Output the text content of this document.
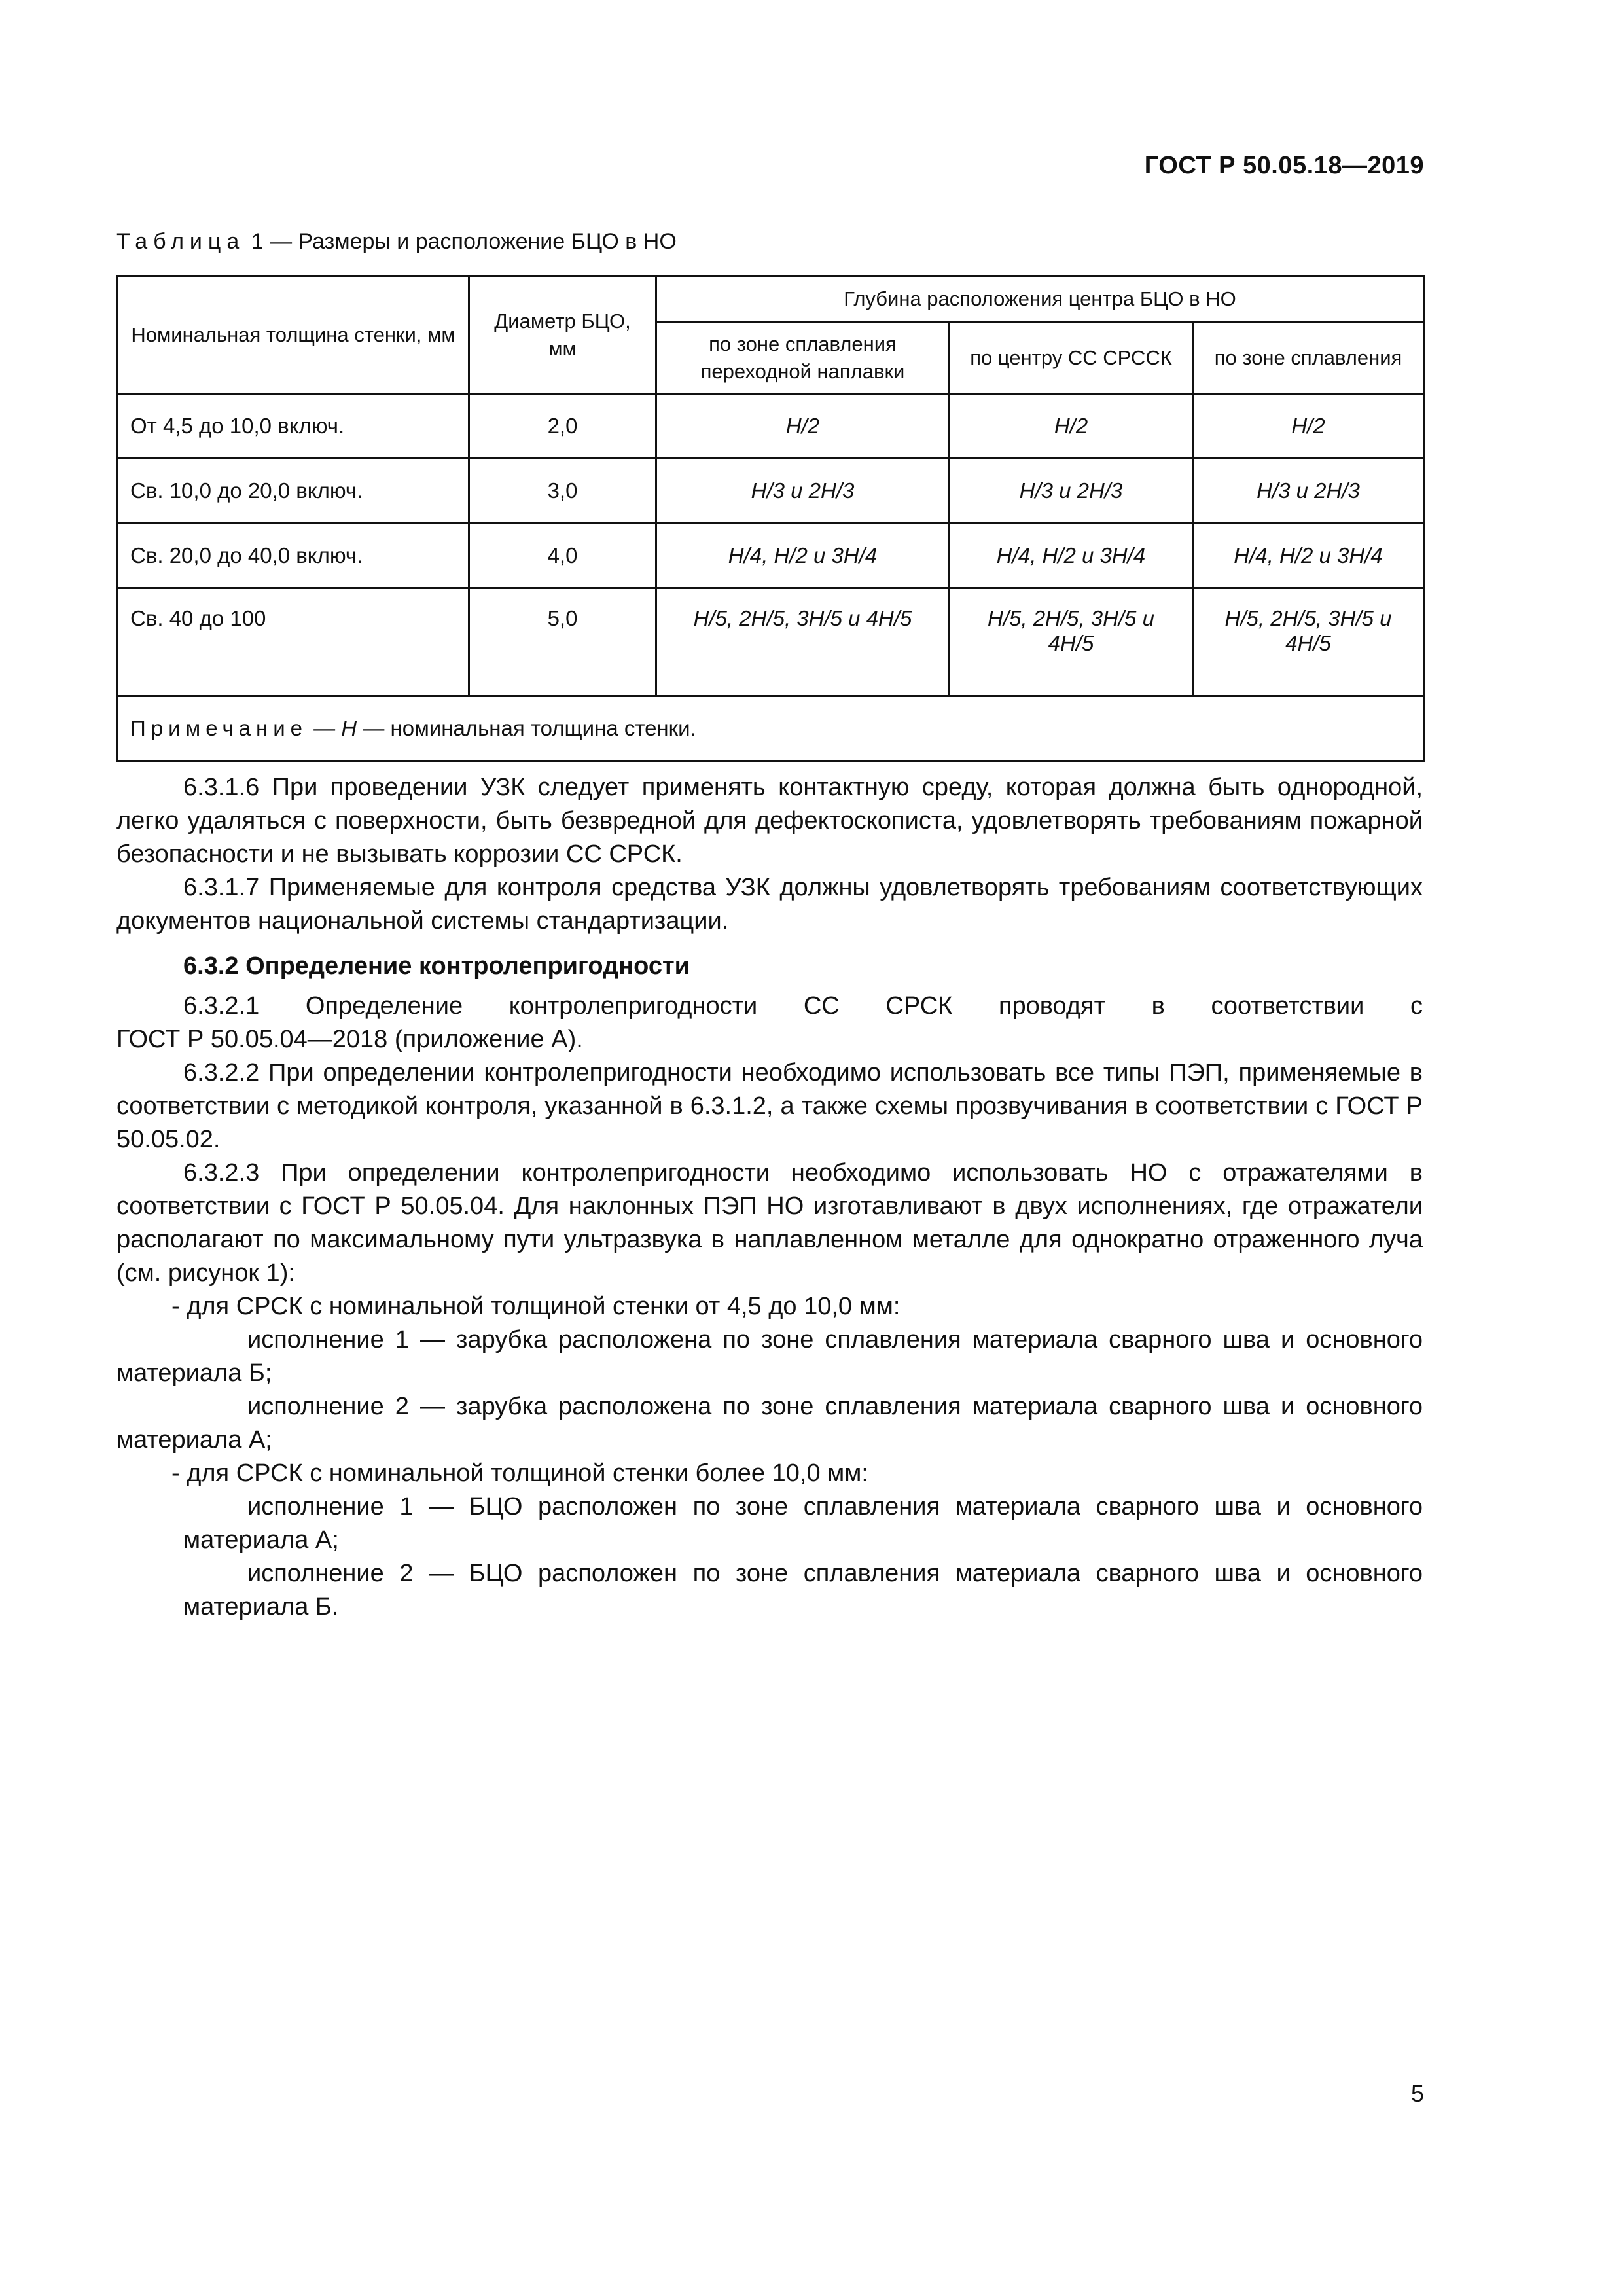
ГОСТ Р 50.05.18—2019
Таблица 1 — Размеры и расположение БЦО в НО
Номинальная толщина стенки, мм	Диаметр БЦО, мм	Глубина расположения центра БЦО в НО		
		по зоне сплавления переходной наплавки	по центру СС СРССК	по зоне сплавления
От 4,5 до 10,0 включ.	2,0	H/2	H/2	H/2
Св. 10,0 до 20,0 включ.	3,0	H/3 и 2H/3	H/3 и 2H/3	H/3 и 2H/3
Св. 20,0 до 40,0 включ.	4,0	H/4, H/2 и 3H/4	H/4, H/2 и 3H/4	H/4, H/2 и 3H/4
Св. 40 до 100	5,0	H/5, 2H/5, 3H/5 и 4H/5	H/5, 2H/5, 3H/5 и 4H/5	H/5, 2H/5, 3H/5 и 4H/5
Примечание — H — номинальная толщина стенки.				

6.3.1.6 При проведении УЗК следует применять контактную среду, которая должна быть однородной, легко удаляться с поверхности, быть безвредной для дефектоскописта, удовлетворять требованиям пожарной безопасности и не вызывать коррозии СС СРСК.

6.3.1.7 Применяемые для контроля средства УЗК должны удовлетворять требованиям соответствующих документов национальной системы стандартизации.

6.3.2 Определение контролепригодности

6.3.2.1 Определение контролепригодности СС СРСК проводят в соответствии с

ГОСТ Р 50.05.04—2018 (приложение А).

6.3.2.2 При определении контролепригодности необходимо использовать все типы ПЭП, применяемые в соответствии с методикой контроля, указанной в 6.3.1.2, а также схемы прозвучивания в соответствии с ГОСТ Р 50.05.02.

6.3.2.3 При определении контролепригодности необходимо использовать НО с отражателями в соответствии с ГОСТ Р 50.05.04. Для наклонных ПЭП НО изготавливают в двух исполнениях, где отражатели располагают по максимальному пути ультразвука в наплавленном металле для однократно отраженного луча (см. рисунок 1):

- для СРСК с номинальной толщиной стенки от 4,5 до 10,0 мм:

исполнение 1 — зарубка расположена по зоне сплавления материала сварного шва и основного материала Б;

исполнение 2 — зарубка расположена по зоне сплавления материала сварного шва и основного материала А;

- для СРСК с номинальной толщиной стенки более 10,0 мм:

исполнение 1 — БЦО расположен по зоне сплавления материала сварного шва и основного материала А;

исполнение 2 — БЦО расположен по зоне сплавления материала сварного шва и основного материала Б.

5
